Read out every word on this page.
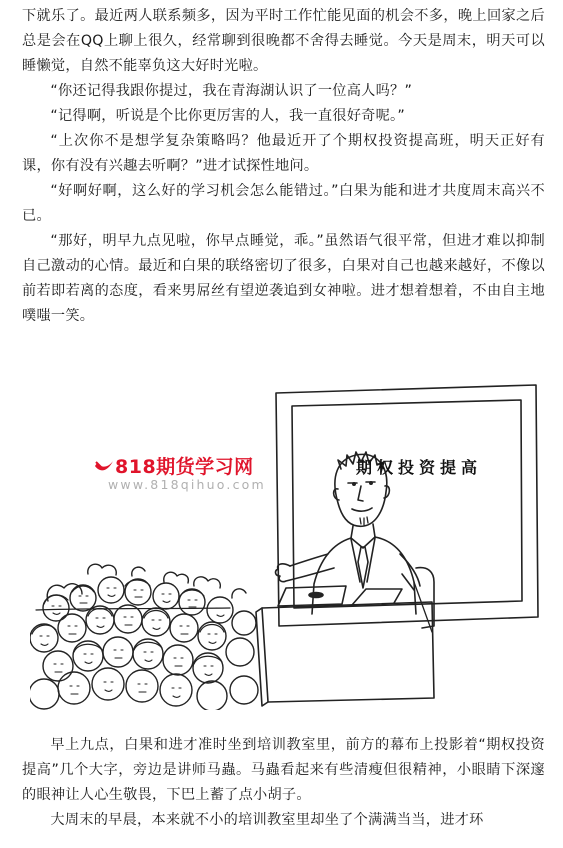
下就乐了。最近两人联系频多，因为平时工作忙能见面的机会不多，晚上回家之后总是会在QQ上聊上很久，经常聊到很晚都不舍得去睡觉。今天是周末，明天可以睡懒觉，自然不能辜负这大好时光啦。

“你还记得我跟你提过，我在青海湖认识了一位高人吗？”

“记得啊，听说是个比你更厉害的人，我一直很好奇呢。”

“上次你不是想学复杂策略吗？他最近开了个期权投资提高班，明天正好有课，你有没有兴趣去听啊？”进才试探性地问。

“好啊好啊，这么好的学习机会怎么能错过。”白果为能和进才共度周末高兴不已。

“那好，明早九点见啦，你早点睡觉，乖。”虽然语气很平常，但进才难以抑制自己激动的心情。最近和白果的联络密切了很多，白果对自己也越来越好，不像以前若即若离的态度，看来男屌丝有望逆袭追到女神啦。进才想着想着，不由自主地噗嗤一笑。

期权投资提高
818期货学习网
www.818qihuo.com

早上九点，白果和进才准时坐到培训教室里，前方的幕布上投影着“期权投资提高”几个大字，旁边是讲师马蟲。马蟲看起来有些清瘦但很精神，小眼睛下深邃的眼神让人心生敬畏，下巴上蓄了点小胡子。

大周末的早晨，本来就不小的培训教室里却坐了个满满当当，进才环
